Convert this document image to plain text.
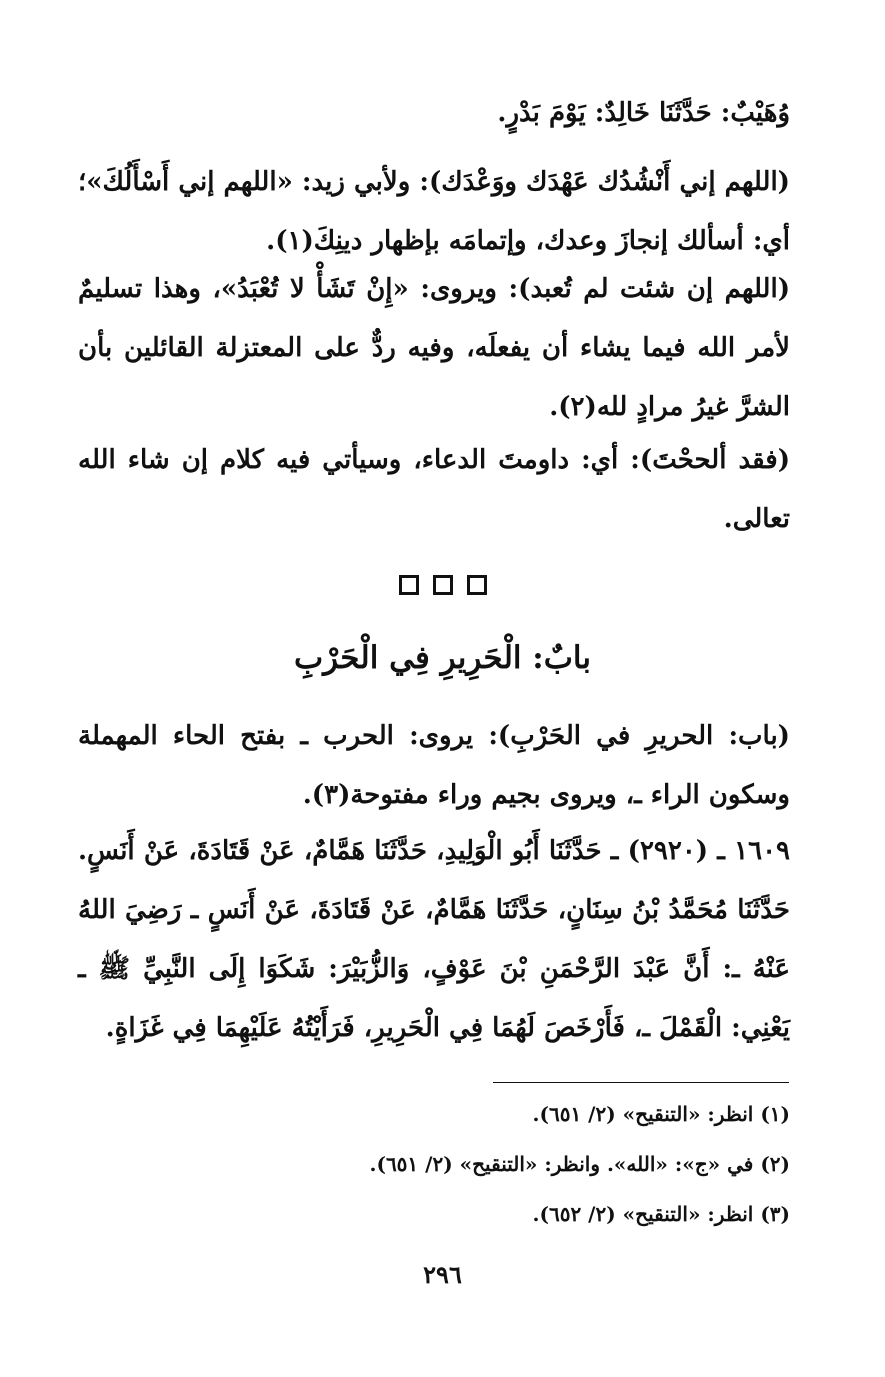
وُهَيْبٌ: حَدَّثَنَا خَالِدٌ: يَوْمَ بَدْرٍ.

(اللهم إني أَنْشُدُك عَهْدَك ووَعْدَك): ولأبي زيد: «اللهم إني أَسْأَلُكَ»؛ أي: أسألك إنجازَ وعدك، وإتمامَه بإظهار دينِكَ(١).

(اللهم إن شئت لم تُعبد): ويروى: «إِنْ تَشَأْ لا تُعْبَدُ»، وهذا تسليمٌ لأمر الله فيما يشاء أن يفعلَه، وفيه ردٌّ على المعتزلة القائلين بأن الشرَّ غيرُ مرادٍ لله(٢).

(فقد ألححْتَ): أي: داومتَ الدعاء، وسيأتي فيه كلام إن شاء الله تعالى.

بابٌ: الْحَرِيرِ فِي الْحَرْبِ

(باب: الحريرِ في الحَرْبِ): يروى: الحرب ـ بفتح الحاء المهملة وسكون الراء ـ، ويروى بجيم وراء مفتوحة(٣).

١٦٠٩ ـ (٢٩٢٠) ـ حَدَّثَنَا أَبُو الْوَلِيدِ، حَدَّثَنَا هَمَّامٌ، عَنْ قَتَادَةَ، عَنْ أَنَسٍ. حَدَّثَنَا مُحَمَّدُ بْنُ سِنَانٍ، حَدَّثَنَا هَمَّامٌ، عَنْ قَتَادَةَ، عَنْ أَنَسٍ ـ رَضِيَ اللهُ عَنْهُ ـ: أَنَّ عَبْدَ الرَّحْمَنِ بْنَ عَوْفٍ، وَالزُّبَيْرَ: شَكَوَا إِلَى النَّبِيِّ ﷺ ـ يَعْنِي: الْقَمْلَ ـ، فَأَرْخَصَ لَهُمَا فِي الْحَرِيرِ، فَرَأَيْتُهُ عَلَيْهِمَا فِي غَزَاةٍ.

(١) انظر: «التنقيح» (٢/ ٦٥١).
(٢) في «ج»: «الله». وانظر: «التنقيح» (٢/ ٦٥١).
(٣) انظر: «التنقيح» (٢/ ٦٥٢).
٢٩٦
